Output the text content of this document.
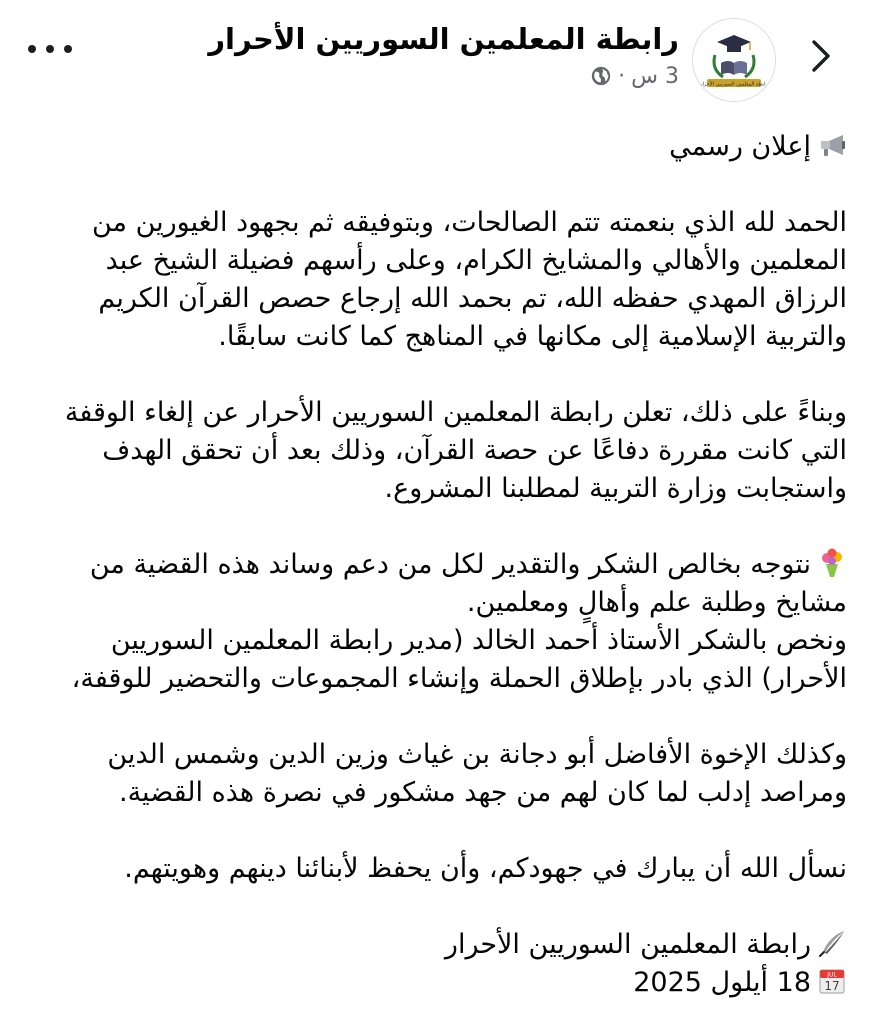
رابطة المعلمين السوريين الأحرار
3 س
·	رابطة المعلمين السوريين الأحرار

إعلان رسمي

الحمد لله الذي بنعمته تتم الصالحات، وبتوفيقه ثم بجهود الغيورين من
المعلمين والأهالي والمشايخ الكرام، وعلى رأسهم فضيلة الشيخ عبد
الرزاق المهدي حفظه الله، تم بحمد الله إرجاع حصص القرآن الكريم
والتربية الإسلامية إلى مكانها في المناهج كما كانت سابقًا.

وبناءً على ذلك، تعلن رابطة المعلمين السوريين الأحرار عن إلغاء الوقفة
التي كانت مقررة دفاعًا عن حصة القرآن، وذلك بعد أن تحقق الهدف
واستجابت وزارة التربية لمطلبنا المشروع.

نتوجه بخالص الشكر والتقدير لكل من دعم وساند هذه القضية من
مشايخ وطلبة علم وأهالٍ ومعلمين.
ونخص بالشكر الأستاذ أحمد الخالد (مدير رابطة المعلمين السوريين
الأحرار) الذي بادر بإطلاق الحملة وإنشاء المجموعات والتحضير للوقفة،

وكذلك الإخوة الأفاضل أبو دجانة بن غياث وزين الدين وشمس الدين
ومراصد إدلب لما كان لهم من جهد مشكور في نصرة هذه القضية.

نسأل الله أن يبارك في جهودكم، وأن يحفظ لأبنائنا دينهم وهويتهم.

رابطة المعلمين السوريين الأحرار
JUL
17
18 أيلول 2025
